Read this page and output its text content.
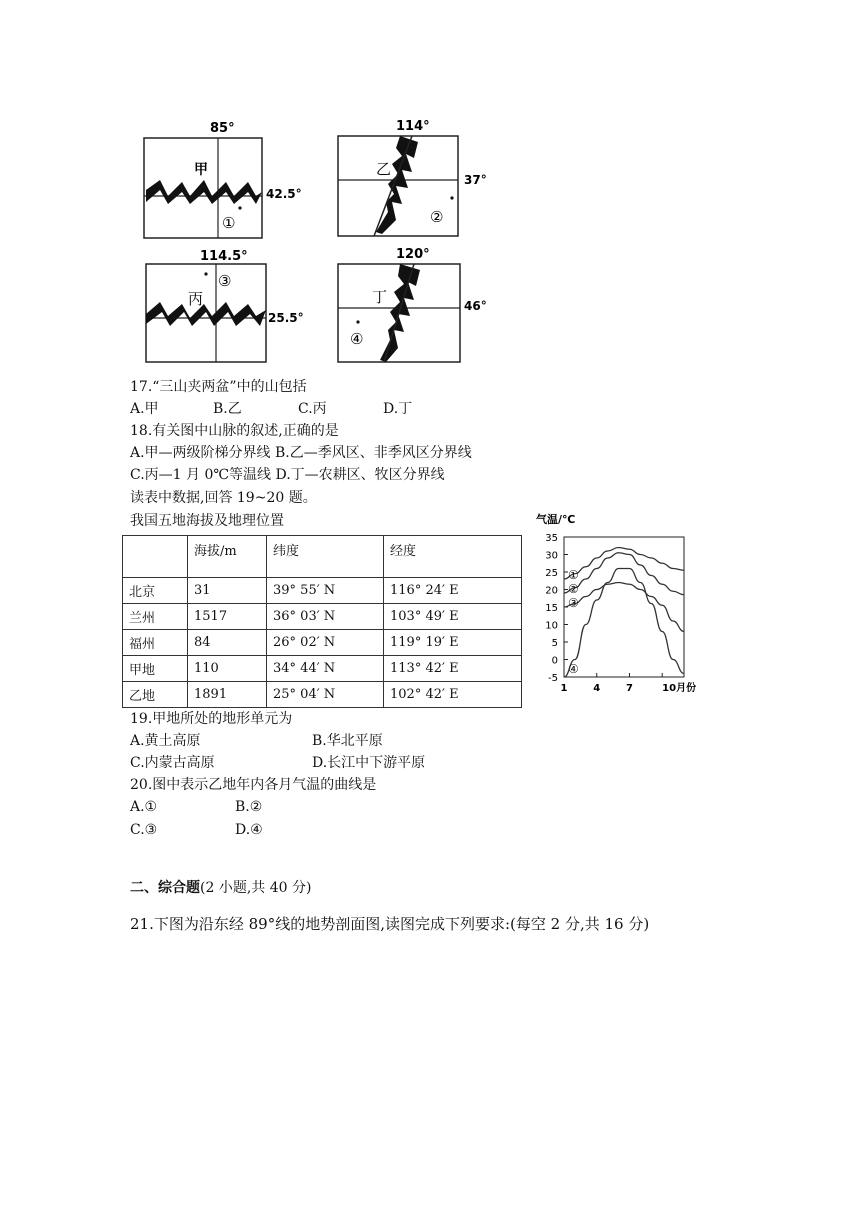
85°
42.5°
甲
①
114°
37°
乙
②
114.5°
25.5°
丙
③
120°
46°
丁
④
17.“三山夹两盆”中的山包括
A.甲	B.乙	C.丙	D.丁
18.有关图中山脉的叙述,正确的是
A.甲—两级阶梯分界线 B.乙—季风区、非季风区分界线
C.丙—1 月 0℃等温线 D.丁—农耕区、牧区分界线
读表中数据,回答 19~20 题。
我国五地海拔及地理位置
	海拔/m	纬度	经度
北京	31	39° 55′ N	116° 24′ E
兰州	1517	36° 03′ N	103° 49′ E
福州	84	26° 02′ N	119° 19′ E
甲地	110	34° 44′ N	113° 42′ E
乙地	1891	25° 04′ N	102° 42′ E
气温/℃
35
30
25
20
15
10
5
0
-5
1	4	7	10月份
①
②
③
④
19.甲地所处的地形单元为
A.黄土高原	B.华北平原
C.内蒙古高原	D.长江中下游平原
20.图中表示乙地年内各月气温的曲线是
A.①	B.②
C.③	D.④
二、综合题(2 小题,共 40 分)
21.下图为沿东经 89°线的地势剖面图,读图完成下列要求:(每空 2 分,共 16 分)
